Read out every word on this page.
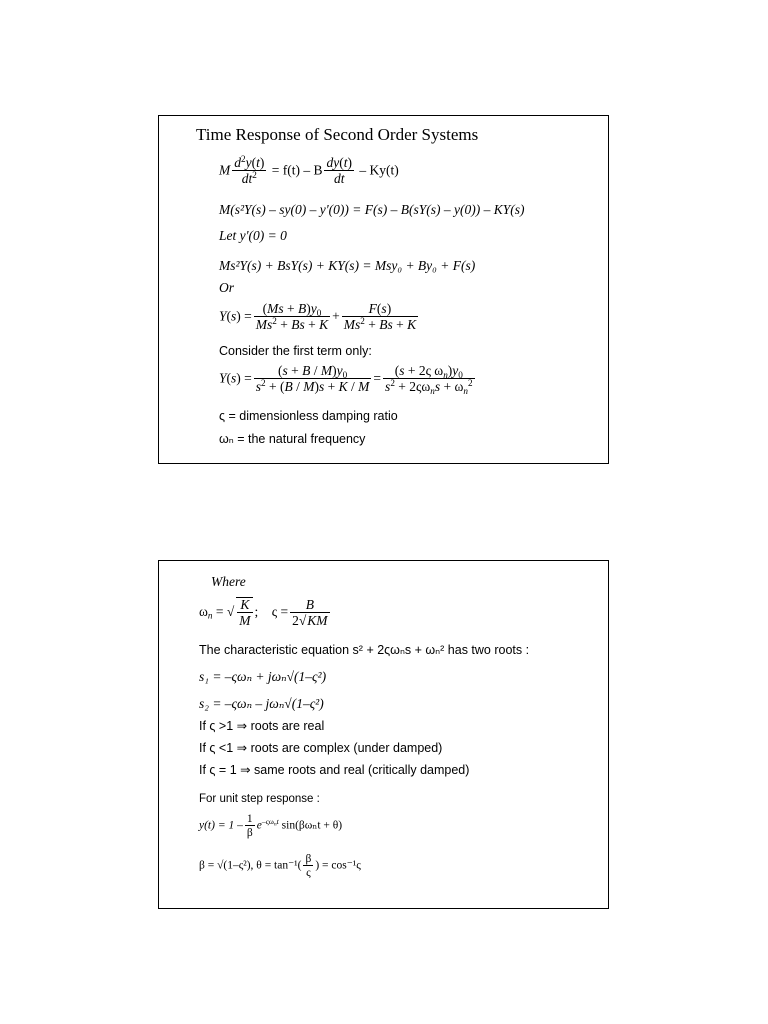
Time Response of Second Order Systems
M $\frac{d^2y(t)}{dt^2} = f(t) - B \frac{dy(t)}{dt} - Ky(t)$
M(s²Y(s) – sy(0) – y'(0)) = F(s) – B(sY(s) – y(0)) – KY(s)
Let y'(0) = 0
Ms²Y(s) + BsY(s) + KY(s) = Msy₀ + By₀ + F(s)
Or
$Y(s) = \frac{(Ms + B)y_0}{Ms^2 + Bs + K} + \frac{F(s)}{Ms^2 + Bs + K}$
Consider the first term only:
$Y(s) = \frac{(s + B / M)y_0}{s^2 + (B / M)s + K / M} = \frac{(s + 2\varsigma \omega_n)y_0}{s^2 + 2\varsigma\omega_ns + \omega_n^2}$
ς = dimensionless damping ratio
ωₙ = the natural frequency
Where
$\omega_n$ = √ $\frac{K}{M}$ ;    $\varsigma = \frac{B}{2√KM}$
The characteristic equation s² + 2ςωₙs + ωₙ² has two roots :
s₁ = –ςωₙ + jωₙ√(1–ς²)
s₂ = –ςωₙ – jωₙ√(1–ς²)
If ς >1 ⇒ roots are real
If ς <1 ⇒ roots are complex (under damped)
If ς = 1 ⇒ same roots and real (critically damped)
For unit step response :
$y(t) = 1 - \frac{1}{\beta} e^{-\varsigma\omega_nt}$ sin(βωₙt + θ)
β = √(1–ς²), $\theta = \tan^{-1}( \frac{\beta}{\varsigma}$ ) = cos⁻¹ς
